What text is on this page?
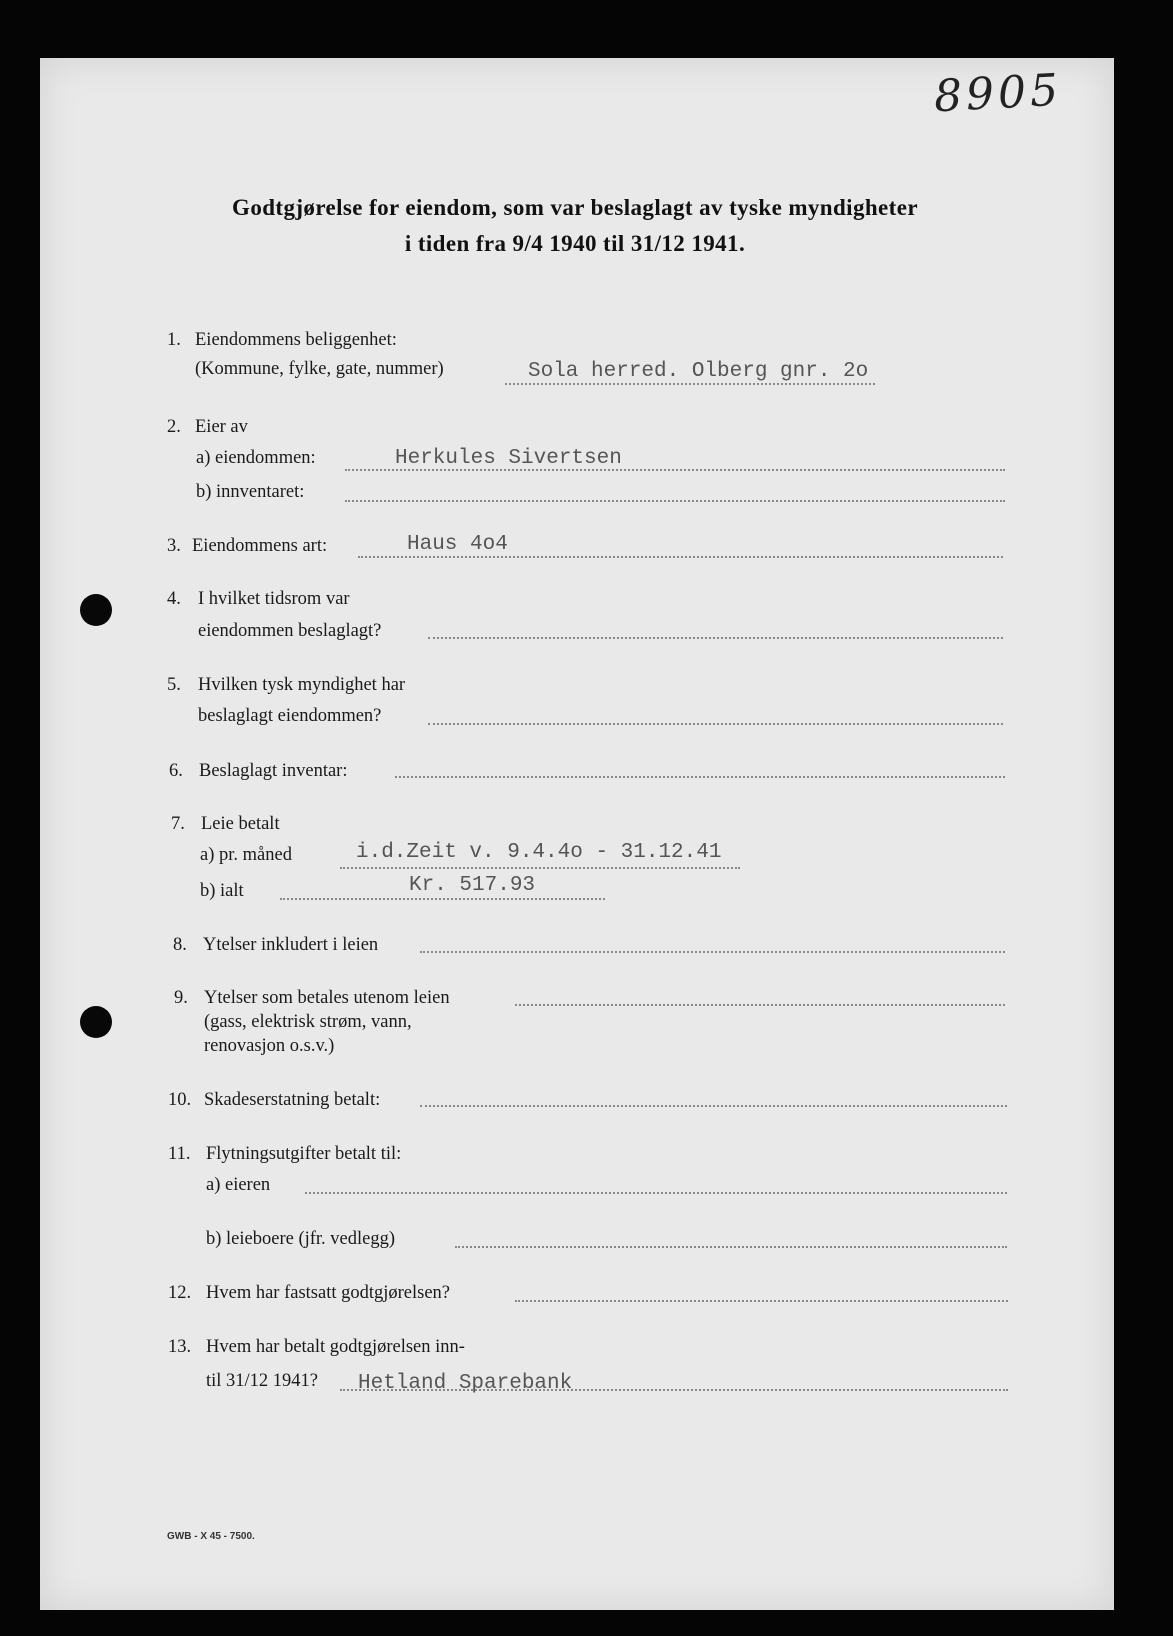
8905
Godtgjørelse for eiendom, som var beslaglagt av tyske myndigheter
i tiden fra 9/4 1940 til 31/12 1941.
1. Eiendommens beliggenhet:
(Kommune, fylke, gate, nummer)	Sola herred. Olberg gnr. 2o
2. Eier av
a) eiendommen:	Herkules Sivertsen
b) innventaret:
3. Eiendommens art:	Haus 4o4
4. I hvilket tidsrom var
eiendommen beslaglagt?
5. Hvilken tysk myndighet har
beslaglagt eiendommen?
6. Beslaglagt inventar:
7. Leie betalt
a) pr. måned	i.d.Zeit v. 9.4.4o - 31.12.41
b) ialt	Kr. 517.93
8. Ytelser inkludert i leien
9. Ytelser som betales utenom leien
(gass, elektrisk strøm, vann,
renovasjon o.s.v.)
10. Skadeserstatning betalt:
11. Flytningsutgifter betalt til:
a) eieren
b) leieboere (jfr. vedlegg)
12. Hvem har fastsatt godtgjørelsen?
13. Hvem har betalt godtgjørelsen inn-
til 31/12 1941? Hetland Sparebank
GWB - X 45 - 7500.
